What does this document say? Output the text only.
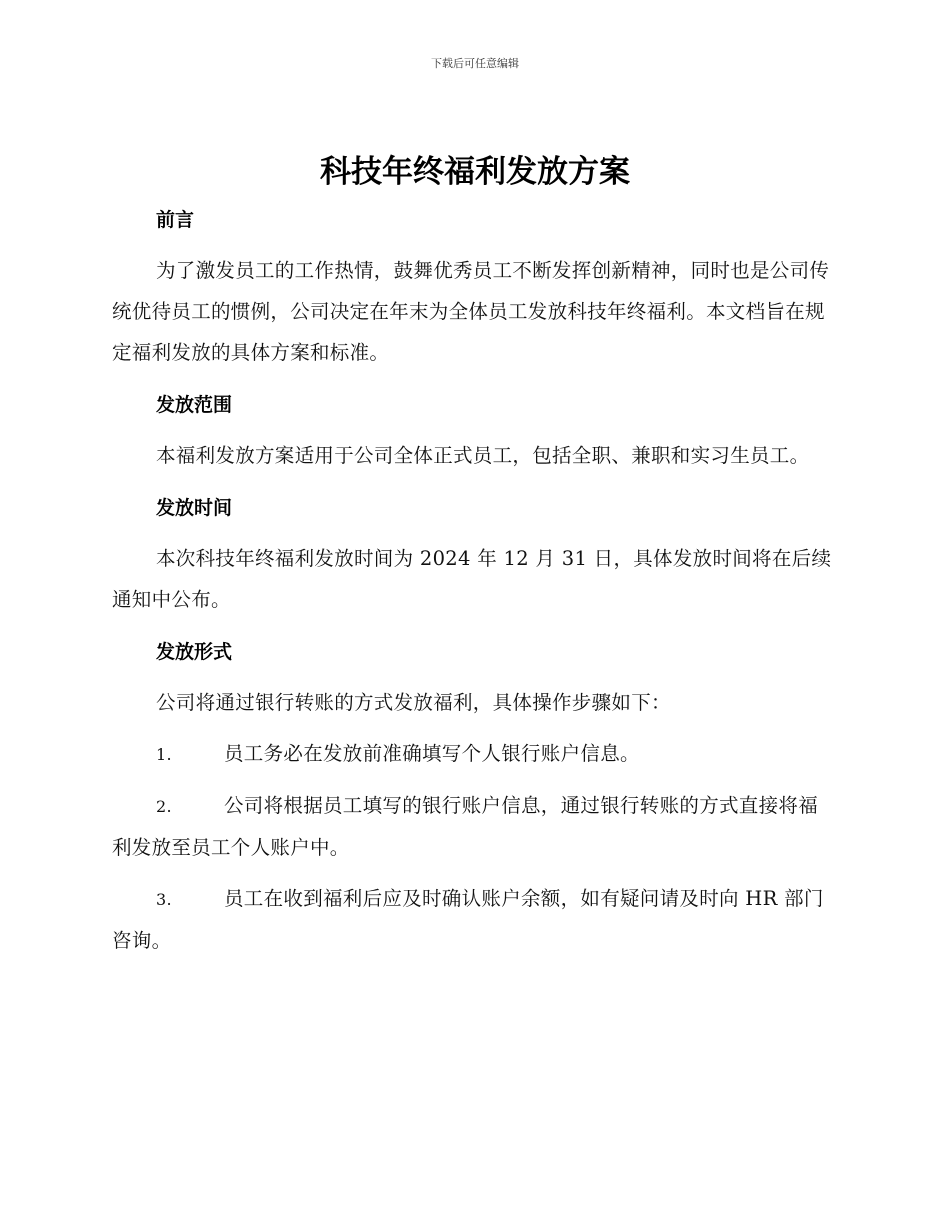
下载后可任意编辑
科技年终福利发放方案
前言

为了激发员工的工作热情，鼓舞优秀员工不断发挥创新精神，同时也是公司传统优待员工的惯例，公司决定在年末为全体员工发放科技年终福利。本文档旨在规定福利发放的具体方案和标准。

发放范围

本福利发放方案适用于公司全体正式员工，包括全职、兼职和实习生员工。

发放时间

本次科技年终福利发放时间为 2024 年 12 月 31 日，具体发放时间将在后续通知中公布。

发放形式

公司将通过银行转账的方式发放福利，具体操作步骤如下：

1.	员工务必在发放前准确填写个人银行账户信息。

2.	公司将根据员工填写的银行账户信息，通过银行转账的方式直接将福利发放至员工个人账户中。

3.	员工在收到福利后应及时确认账户余额，如有疑问请及时向 HR 部门咨询。
